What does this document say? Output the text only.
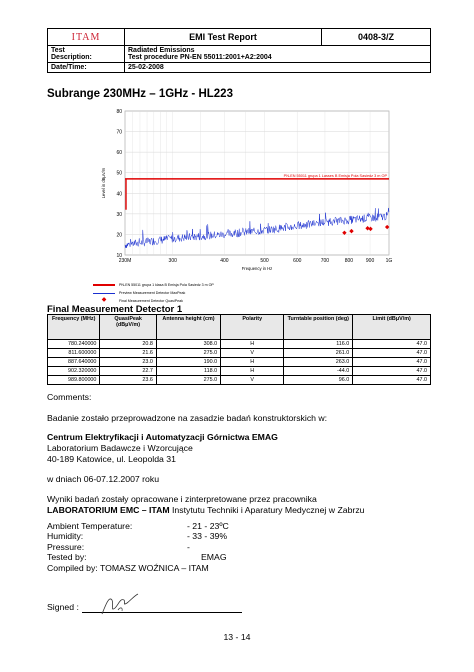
ITAM	EMI Test Report	0408-3/Z
Test
Description:	Radiated Emissions
Test procedure PN-EN 55011:2001+A2:2004	
Date/Time:	25-02-2008	
Subrange 230MHz – 1GHz - HL223
10
20
30
40
50
60
70
80
230M	300	400	500	600	700	800	900 1G
Level in dBμV/m
Frequency in Hz
PN-EN 55011 grupa 1 Lasses B Emisja Pola Sasiedz 3 m OP
PN-EN 55011 grupa 1 klasa B Emisja Pola Sasiedz 3 m OP
Preview Measurement Detector MaxPeak
◆	Final Measurement Detector QuasiPeak
Final Measurement Detector 1
Frequency (MHz)	QuasiPeak (dBμV/m)	Antenna height (cm)	Polarity	Turntable position (deg)	Limit (dBμV/m)
780.240000	20.8	308.0	H	116.0	47.0
811.600000	21.6	275.0	V	261.0	47.0
887.640000	23.0	190.0	H	263.0	47.0
902.320000	22.7	118.0	H	-44.0	47.0
989.800000	23.6	275.0	V	96.0	47.0
Comments:
Badanie zostało przeprowadzone na zasadzie badań konstruktorskich w:
Centrum Elektryfikacji i Automatyzacji Górnictwa EMAG
Laboratorium Badawcze i Wzorcujące
40-189 Katowice, ul. Leopolda 31
w dniach 06-07.12.2007 roku
Wyniki badań zostały opracowane i zinterpretowane przez pracownika
LABORATORIUM EMC – ITAM Instytutu Techniki i Aparatury Medycznej w Zabrzu
Ambient Temperature:	- 21 - 23ºC
Humidity:	- 33 - 39%
Pressure:	-
Tested by:	EMAG
Compiled by: TOMASZ WOŹNICA – ITAM
Signed :
13 - 14
